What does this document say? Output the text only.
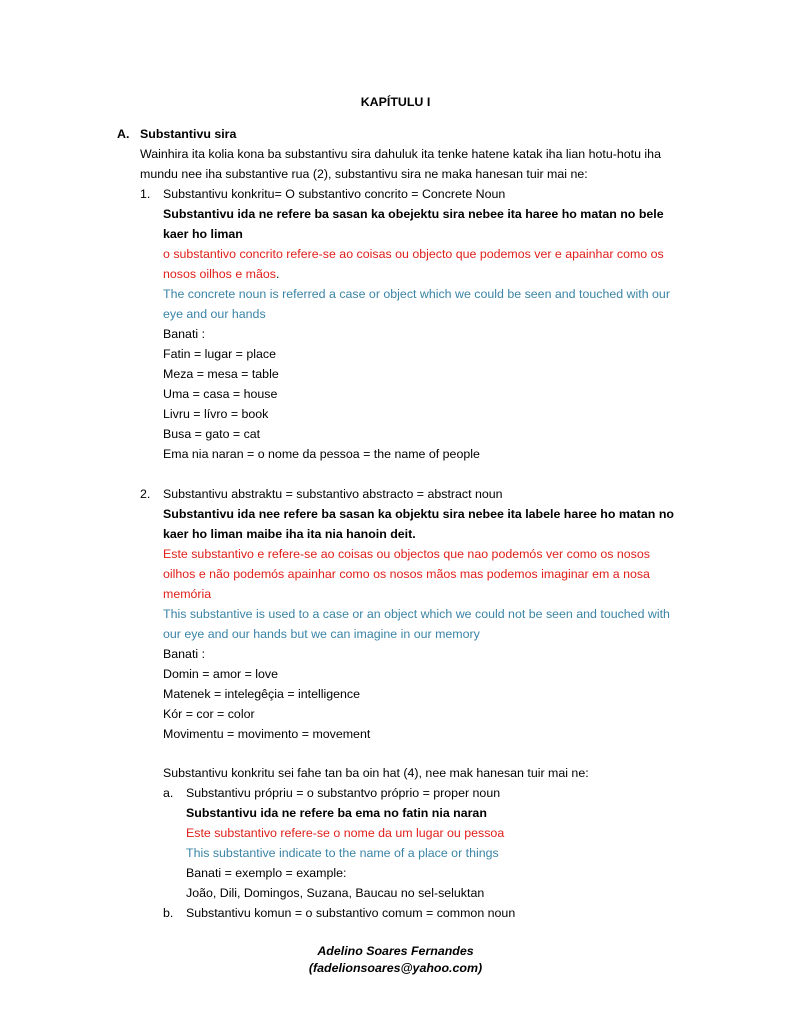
KAPÍTULU I
A. Substantivu sira
Wainhira ita kolia kona ba substantivu sira dahuluk ita tenke hatene katak iha lian hotu-hotu iha
mundu nee iha substantive rua (2), substantivu sira ne maka hanesan tuir mai ne:
1. Substantivu konkritu= O substantivo concrito = Concrete Noun
Substantivu ida ne refere ba sasan ka obejektu sira nebee ita haree ho matan no bele
kaer ho liman
o substantivo concrito refere-se ao coisas ou objecto que podemos ver e apainhar como os
nosos oilhos e mãos.
The concrete noun is referred a case or object which we could be seen and touched with our
eye and our hands
Banati :
Fatin = lugar = place
Meza = mesa = table
Uma = casa = house
Livru = lívro = book
Busa = gato = cat
Ema nia naran = o nome da pessoa = the name of people
2. Substantivu abstraktu = substantivo abstracto = abstract noun
Substantivu ida nee refere ba sasan ka objektu sira nebee ita labele haree ho matan no
kaer ho liman maibe iha ita nia hanoin deit.
Este substantivo e refere-se ao coisas ou objectos que nao podemós ver como os nosos
oilhos e não podemós apainhar como os nosos mãos mas podemos imaginar em a nosa
memória
This substantive is used to a case or an object which we could not be seen and touched with
our eye and our hands but we can imagine in our memory
Banati :
Domin = amor = love
Matenek = intelegêçia = intelligence
Kór = cor = color
Movimentu = movimento = movement
Substantivu konkritu sei fahe tan ba oin hat (4), nee mak hanesan tuir mai ne:
a. Substantivu própriu = o substantvo próprio = proper noun
Substantivu ida ne refere ba ema no fatin nia naran
Este substantivo refere-se o nome da um lugar ou pessoa
This substantive indicate to the name of a place or things
Banati = exemplo = example:
João, Dili, Domingos, Suzana, Baucau no sel-seluktan
b. Substantivu komun = o substantivo comum = common noun
Adelino Soares Fernandes
(fadelionsoares@yahoo.com)
